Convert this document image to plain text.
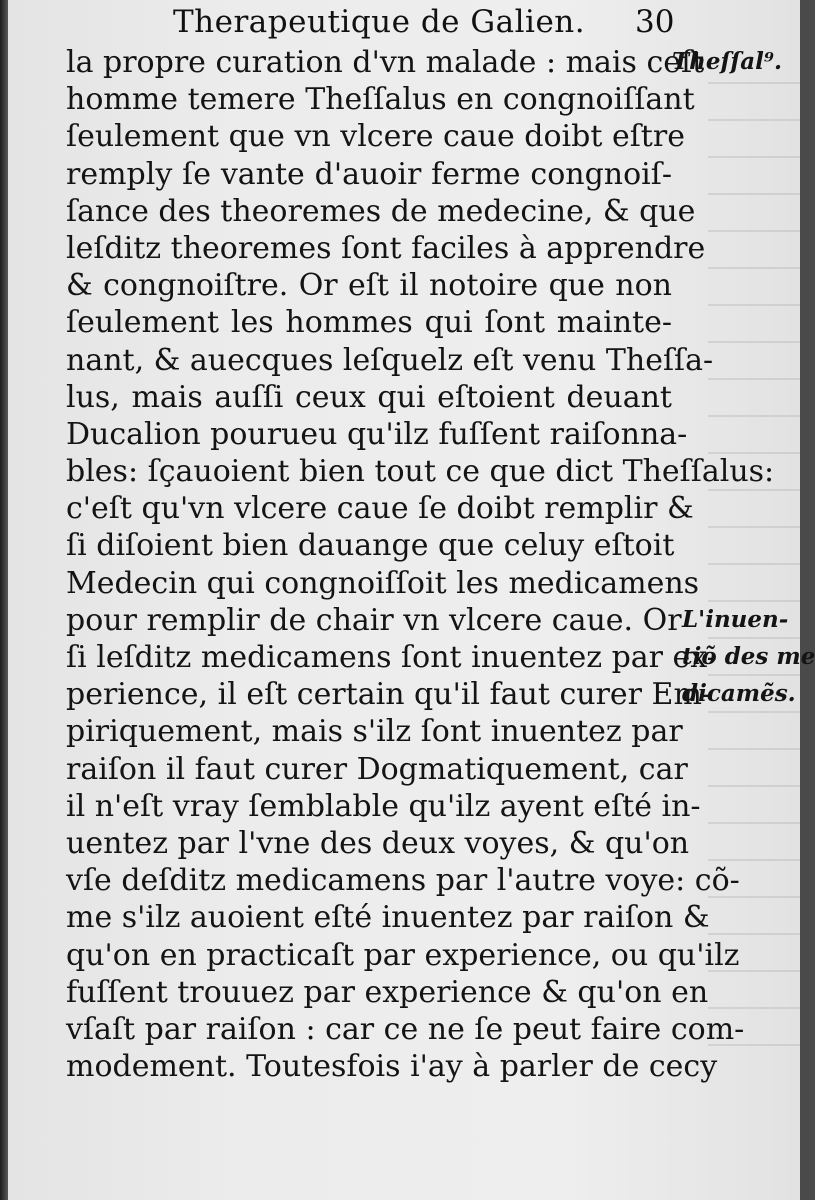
Therapeutique de Galien. 30
la propre curation d'vn malade : mais ceſt
homme temere Theſſalus en congnoiſſant
ſeulement que vn vlcere caue doibt eſtre
remply ſe vante d'auoir ferme congnoiſ-
ſance des theoremes de medecine, & que
leſditz theoremes ſont faciles à apprendre
& congnoiſtre. Or eſt il notoire que non
ſeulement les hommes qui ſont mainte-
nant, & auecques leſquelz eſt venu Theſſa-
lus, mais auſſi ceux qui eſtoient deuant
Ducalion pourueu qu'ilz fuſſent raiſonna-
bles: ſçauoient bien tout ce que dict Theſſalus:
c'eſt qu'vn vlcere caue ſe doibt remplir &
ſi diſoient bien dauange que celuy eſtoit
Medecin qui congnoiſſoit les medicamens
pour remplir de chair vn vlcere caue. Or
ſi leſditz medicamens ſont inuentez par ex-
perience, il eſt certain qu'il faut curer Em-
piriquement, mais s'ilz ſont inuentez par
raiſon il faut curer Dogmatiquement, car
il n'eſt vray ſemblable qu'ilz ayent eſté in-
uentez par l'vne des deux voyes, & qu'on
vſe deſditz medicamens par l'autre voye: cõ-
me s'ilz auoient eſté inuentez par raiſon &
qu'on en practicaſt par experience, ou qu'ilz
fuſſent trouuez par experience & qu'on en
vſaſt par raiſon : car ce ne ſe peut faire com-
modement. Toutesfois i'ay à parler de cecy
Theſſal⁹.
L'inuen-
tiõ des me
dicamẽs.
